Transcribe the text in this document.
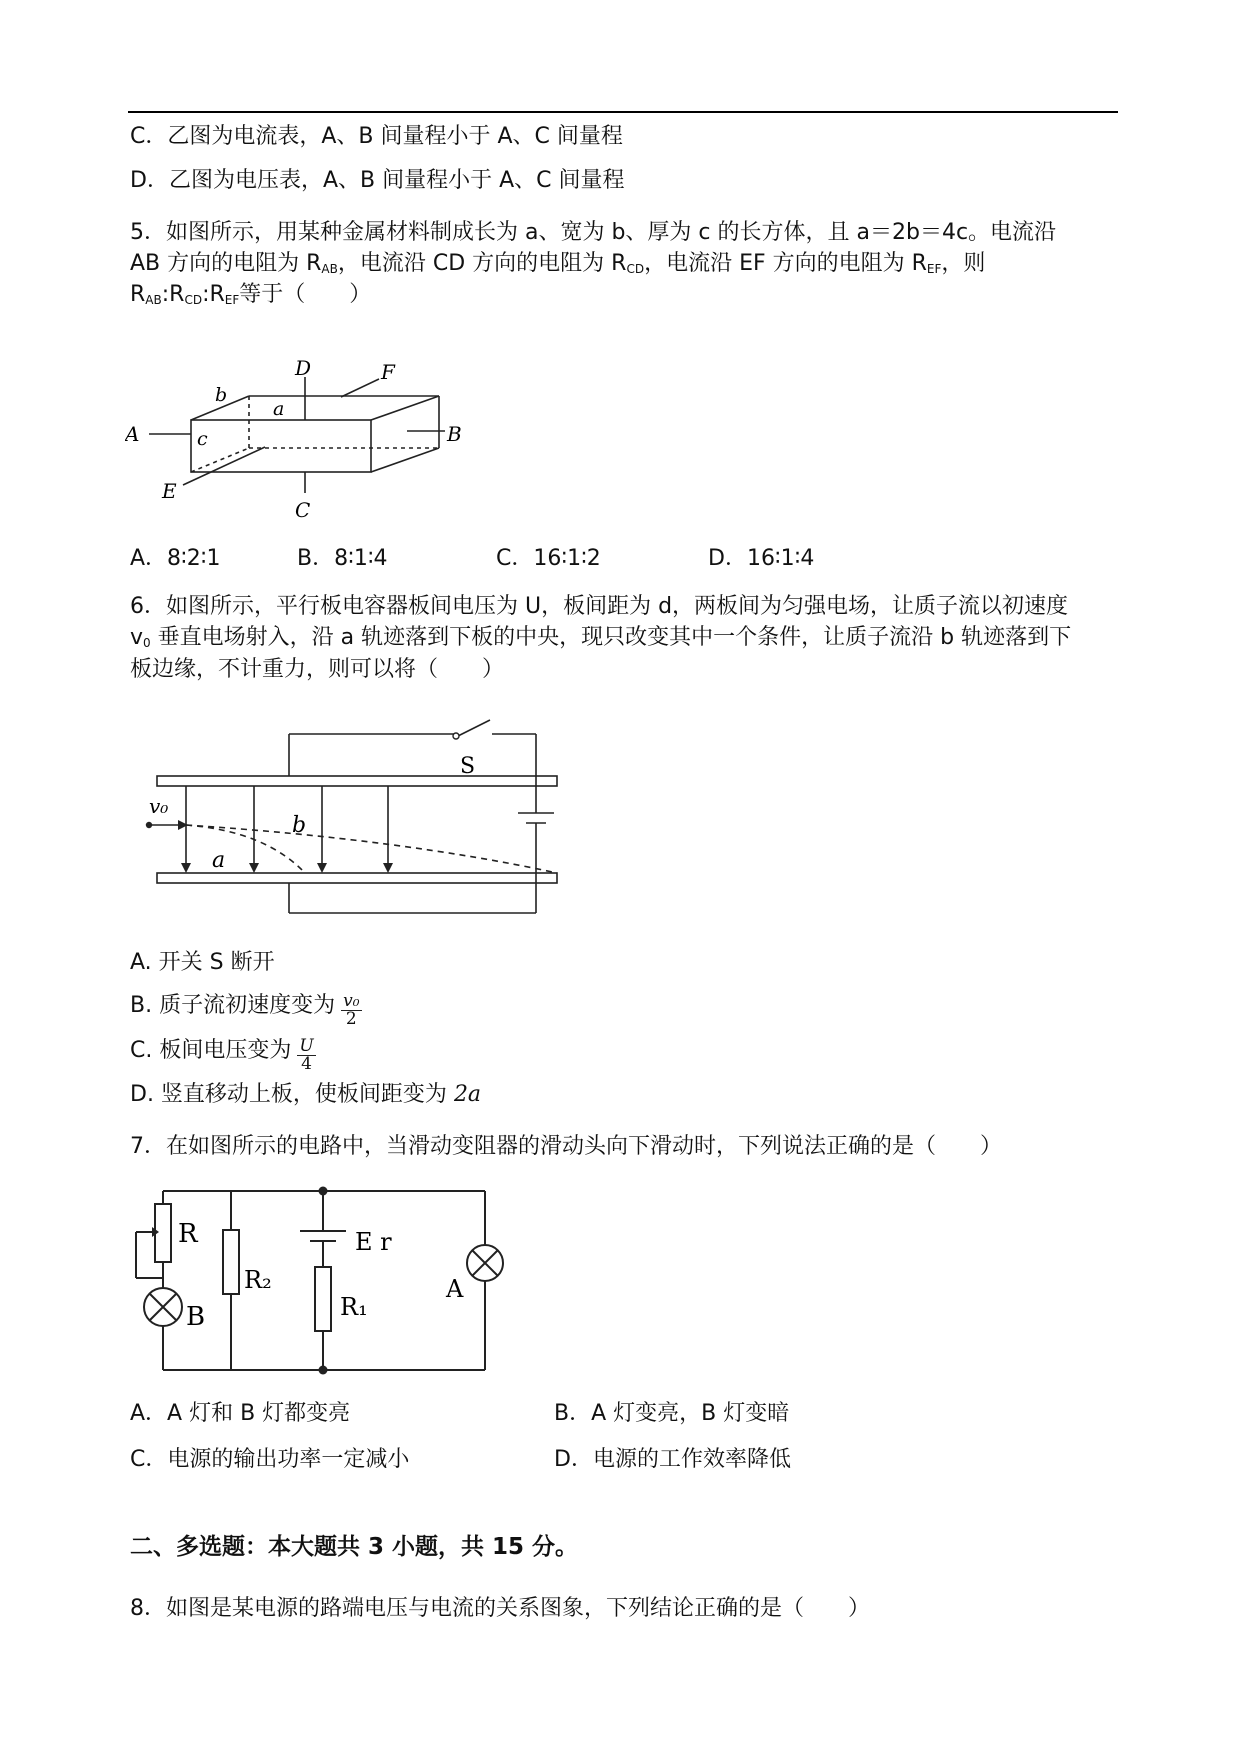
C．乙图为电流表，A、B 间量程小于 A、C 间量程
D．乙图为电压表，A、B 间量程小于 A、C 间量程
5．如图所示，用某种金属材料制成长为 a、宽为 b、厚为 c 的长方体，且 a＝2b＝4c。电流沿
AB 方向的电阻为 $R_{AB}$，电流沿 CD 方向的电阻为 $R_{CD}$，电流沿 EF 方向的电阻为 $R_{EF}$，则
$R_{AB}:R_{CD}:R_{EF}$等于（　　）
A	B
C
D
E
F
a
b
c
A．8∶2∶1	B．8∶1∶4	C．16∶1∶2	D．16∶1∶4
6．如图所示，平行板电容器板间电压为 U，板间距为 d，两板间为匀强电场，让质子流以初速度
$v_0$ 垂直电场射入，沿 a 轨迹落到下板的中央，现只改变其中一个条件，让质子流沿 b 轨迹落到下
板边缘，不计重力，则可以将（　　）
S
v₀
b
a
A. 开关 S 断开
B. 质子流初速度变为 $\frac{\text{v₀}}{2}$
C. 板间电压变为 $\frac{U}{4}$
D. 竖直移动上板，使板间距变为 2a
7．在如图所示的电路中，当滑动变阻器的滑动头向下滑动时，下列说法正确的是（　　）
R
R₂
E r
R₁
A
B
A．A 灯和 B 灯都变亮	B．A 灯变亮，B 灯变暗
C．电源的输出功率一定减小	D．电源的工作效率降低
二、多选题：本大题共 3 小题，共 15 分。
8．如图是某电源的路端电压与电流的关系图象，下列结论正确的是（　　）
